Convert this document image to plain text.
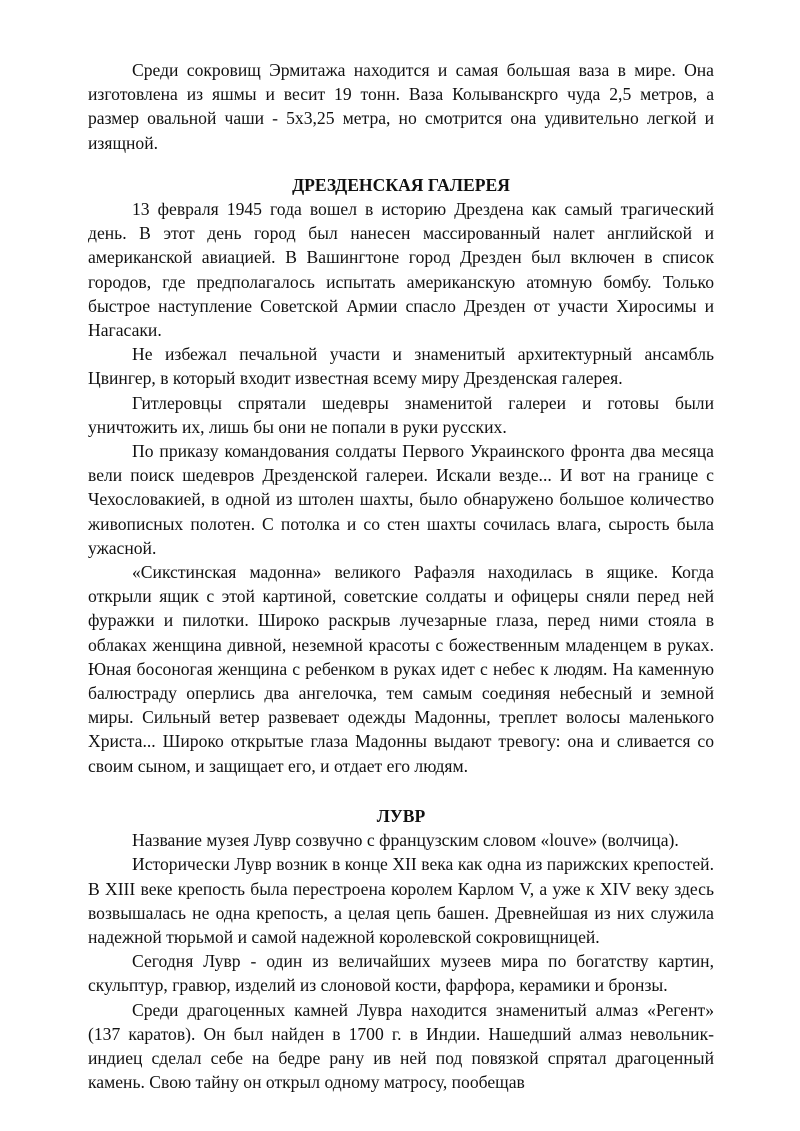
Среди сокровищ Эрмитажа находится и самая большая ваза в мире. Она изготовлена из яшмы и весит 19 тонн. Ваза Колыванскрго чуда 2,5 метров, а размер овальной чаши - 5х3,25 метра, но смотрится она удивительно легкой и изящной.

ДРЕЗДЕНСКАЯ ГАЛЕРЕЯ

13 февраля 1945 года вошел в историю Дрездена как самый трагический день. В этот день город был нанесен массированный налет английской и американской авиацией. В Вашингтоне город Дрезден был включен в список городов, где предполагалось испытать американскую атомную бомбу. Только быстрое наступление Советской Армии спасло Дрезден от участи Хиросимы и Нагасаки.

Не избежал печальной участи и знаменитый архитектурный ансамбль Цвингер, в который входит известная всему миру Дрезденская галерея.

Гитлеровцы спрятали шедевры знаменитой галереи и готовы были уничтожить их, лишь бы они не попали в руки русских.

По приказу командования солдаты Первого Украинского фронта два месяца вели поиск шедевров Дрезденской галереи. Искали везде... И вот на границе с Чехословакией, в одной из штолен шахты, было обнаружено большое количество живописных полотен. С потолка и со стен шахты сочилась влага, сырость была ужасной.

«Сикстинская мадонна» великого Рафаэля находилась в ящике. Когда открыли ящик с этой картиной, советские солдаты и офицеры сняли перед ней фуражки и пилотки. Широко раскрыв лучезарные глаза, перед ними стояла в облаках женщина дивной, неземной красоты с божественным младенцем в руках. Юная босоногая женщина с ребенком в руках идет с небес к людям. На каменную балюстраду оперлись два ангелочка, тем самым соединяя небесный и земной миры. Сильный ветер развевает одежды Мадонны, треплет волосы маленького Христа... Широко открытые глаза Мадонны выдают тревогу: она и сливается со своим сыном, и защищает его, и отдает его людям.

ЛУВР

Название музея Лувр созвучно с французским словом «louve» (волчица).

Исторически Лувр возник в конце XII века как одна из парижских крепостей. В XIII веке крепость была перестроена королем Карлом V, а уже к XIV веку здесь возвышалась не одна крепость, а целая цепь башен. Древнейшая из них служила надежной тюрьмой и самой надежной королевской сокровищницей.

Сегодня Лувр - один из величайших музеев мира по богатству картин, скульптур, гравюр, изделий из слоновой кости, фарфора, керамики и бронзы.

Среди драгоценных камней Лувра находится знаменитый алмаз «Регент» (137 каратов). Он был найден в 1700 г. в Индии. Нашедший алмаз невольник-индиец сделал себе на бедре рану ив ней под повязкой спрятал драгоценный камень. Свою тайну он открыл одному матросу, пообещав
